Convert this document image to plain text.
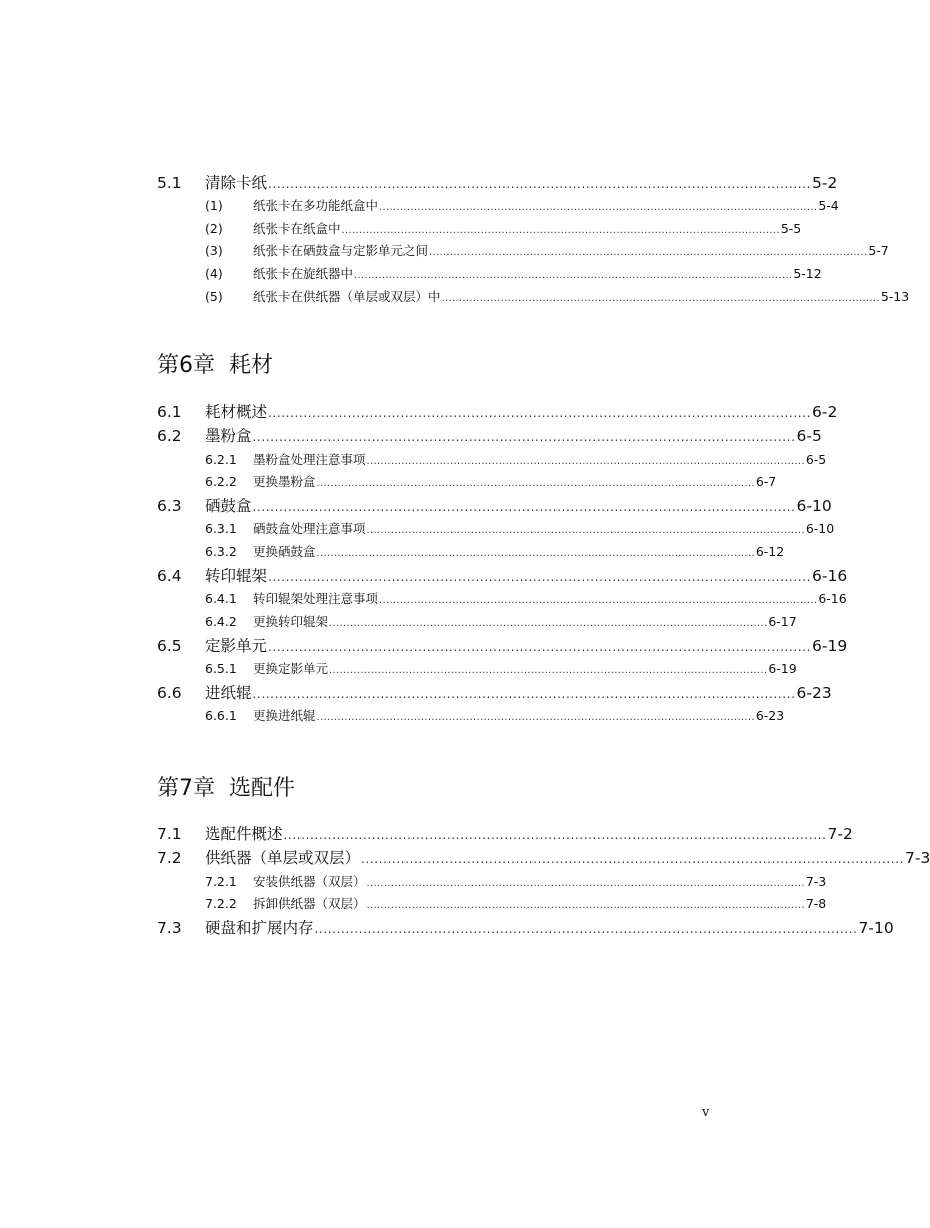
5.1	清除卡纸 ........................................................................................................................... 5-2
(1)	纸张卡在多功能纸盒中 .............................................................................................................................. 5-4
(2)	纸张卡在纸盒中 .............................................................................................................................. 5-5
(3)	纸张卡在硒鼓盒与定影单元之间 .............................................................................................................................. 5-7
(4)	纸张卡在旋纸器中 .............................................................................................................................. 5-12
(5)	纸张卡在供纸器（单层或双层）中 .............................................................................................................................. 5-13
第6章 耗材
6.1	耗材概述 ........................................................................................................................... 6-2
6.2	墨粉盒 ........................................................................................................................... 6-5
6.2.1	墨粉盒处理注意事项 .............................................................................................................................. 6-5
6.2.2	更换墨粉盒 .............................................................................................................................. 6-7
6.3	硒鼓盒 ........................................................................................................................... 6-10
6.3.1	硒鼓盒处理注意事项 .............................................................................................................................. 6-10
6.3.2	更换硒鼓盒 .............................................................................................................................. 6-12
6.4	转印辊架 ........................................................................................................................... 6-16
6.4.1	转印辊架处理注意事项 .............................................................................................................................. 6-16
6.4.2	更换转印辊架 .............................................................................................................................. 6-17
6.5	定影单元 ........................................................................................................................... 6-19
6.5.1	更换定影单元 .............................................................................................................................. 6-19
6.6	进纸辊 ........................................................................................................................... 6-23
6.6.1	更换进纸辊 .............................................................................................................................. 6-23
第7章 选配件
7.1	选配件概述 ........................................................................................................................... 7-2
7.2	供纸器（单层或双层） ........................................................................................................................... 7-3
7.2.1	安装供纸器（双层） .............................................................................................................................. 7-3
7.2.2	拆卸供纸器（双层） .............................................................................................................................. 7-8
7.3	硬盘和扩展内存 ........................................................................................................................... 7-10
v
